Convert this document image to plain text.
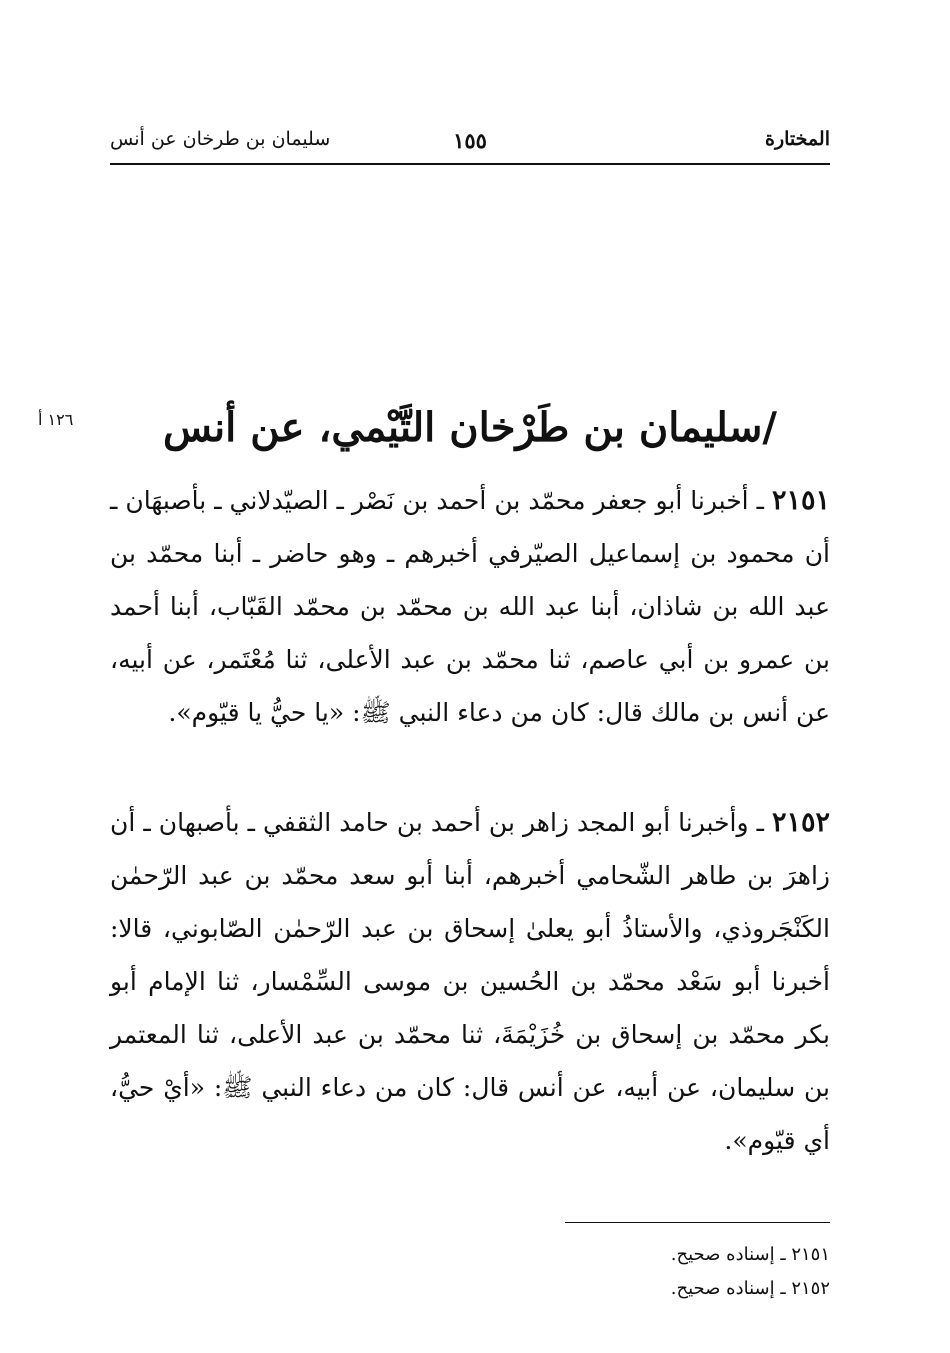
المختارة
١٥٥
سليمان بن طرخان عن أنس
١٢٦ أ	/سليمان بن طَرْخان التَّيْمي، عن أنس

٢١٥١ ـ أخبرنا أبو جعفر محمّد بن أحمد بن نَصْر ـ الصيّدلاني ـ بأصبهَان ـ أن محمود بن إسماعيل الصيّرفي أخبرهم ـ وهو حاضر ـ أبنا محمّد بن عبد الله بن شاذان، أبنا عبد الله بن محمّد بن محمّد القَبّاب، أبنا أحمد بن عمرو بن أبي عاصم، ثنا محمّد بن عبد الأعلى، ثنا مُعْتَمر، عن أبيه، عن أنس بن مالك قال: كان من دعاء النبي ﷺ: «يا حيُّ يا قيّوم».

٢١٥٢ ـ وأخبرنا أبو المجد زاهر بن أحمد بن حامد الثقفي ـ بأصبهان ـ أن زاهرَ بن طاهر الشّحامي أخبرهم، أبنا أبو سعد محمّد بن عبد الرّحمٰن الكَنْجَروذي، والأستاذُ أبو يعلىٰ إسحاق بن عبد الرّحمٰن الصّابوني، قالا: أخبرنا أبو سَعْد محمّد بن الحُسين بن موسى السِّمْسار، ثنا الإمام أبو بكر محمّد بن إسحاق بن خُزَيْمَةَ، ثنا محمّد بن عبد الأعلى، ثنا المعتمر بن سليمان، عن أبيه، عن أنس قال: كان من دعاء النبي ﷺ: «أيْ حيُّ، أي قيّوم».

٢١٥١ ـ إسناده صحيح.
٢١٥٢ ـ إسناده صحيح.
